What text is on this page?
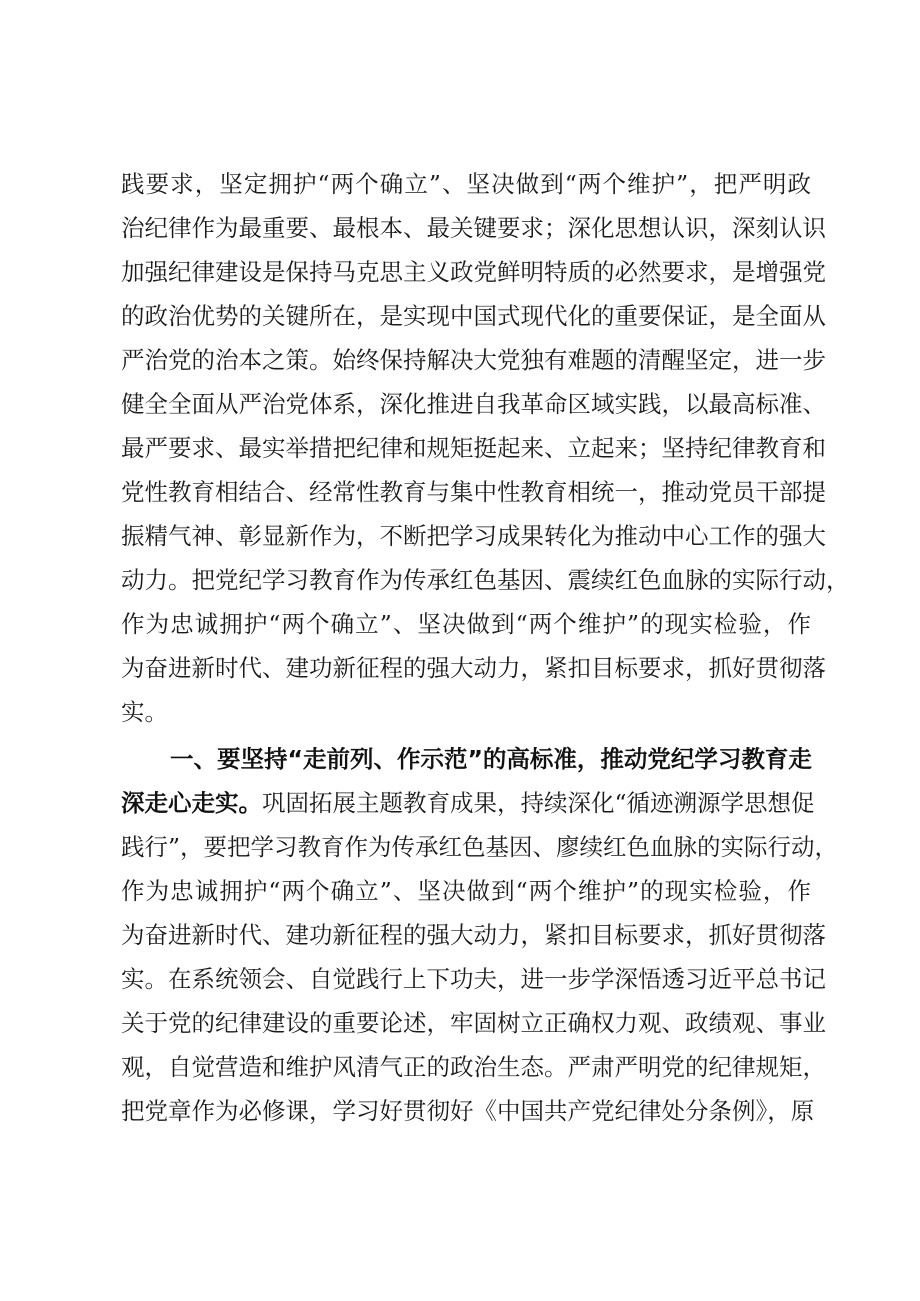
践要求，坚定拥护“两个确立”、坚决做到“两个维护”，把严明政
治纪律作为最重要、最根本、最关键要求；深化思想认识，深刻认识
加强纪律建设是保持马克思主义政党鲜明特质的必然要求，是增强党
的政治优势的关键所在，是实现中国式现代化的重要保证，是全面从
严治党的治本之策。始终保持解决大党独有难题的清醒坚定，进一步
健全全面从严治党体系，深化推进自我革命区域实践，以最高标准、
最严要求、最实举措把纪律和规矩挺起来、立起来；坚持纪律教育和
党性教育相结合、经常性教育与集中性教育相统一，推动党员干部提
振精气神、彰显新作为，不断把学习成果转化为推动中心工作的强大
动力。把党纪学习教育作为传承红色基因、震续红色血脉的实际行动，
作为忠诚拥护“两个确立”、坚决做到“两个维护”的现实检验，作
为奋进新时代、建功新征程的强大动力，紧扣目标要求，抓好贯彻落
实。
一、要坚持“走前列、作示范”的高标准，推动党纪学习教育走
深走心走实。巩固拓展主题教育成果，持续深化“循迹溯源学思想促
践行”，要把学习教育作为传承红色基因、廖续红色血脉的实际行动，
作为忠诚拥护“两个确立”、坚决做到“两个维护”的现实检验，作
为奋进新时代、建功新征程的强大动力，紧扣目标要求，抓好贯彻落
实。在系统领会、自觉践行上下功夫，进一步学深悟透习近平总书记
关于党的纪律建设的重要论述，牢固树立正确权力观、政绩观、事业
观，自觉营造和维护风清气正的政治生态。严肃严明党的纪律规矩，
把党章作为必修课，学习好贯彻好《中国共产党纪律处分条例》，原
